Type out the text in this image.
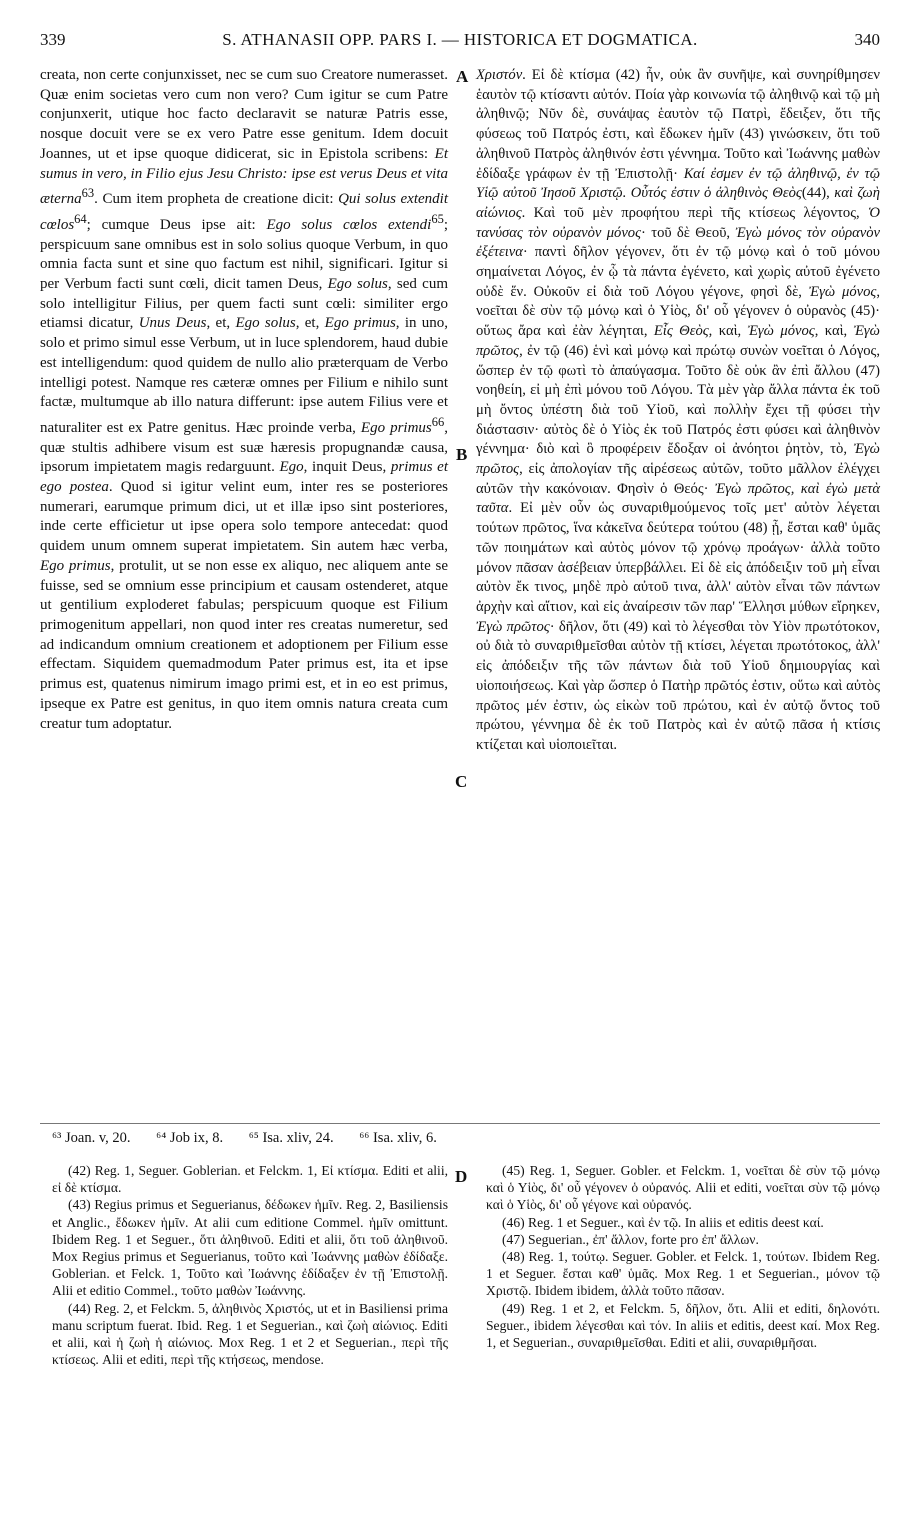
339	S. ATHANASII OPP. PARS I. — HISTORICA ET DOGMATICA.	340
A
B
C
D

creata, non certe conjunxisset, nec se cum suo Creatore numerasset. Quæ enim societas vero cum non vero? Cum igitur se cum Patre conjunxerit, utique hoc facto declaravit se naturæ Patris esse, nosque docuit vere se ex vero Patre esse genitum. Idem docuit Joannes, ut et ipse quoque didicerat, sic in Epistola scribens: Et sumus in vero, in Filio ejus Jesu Christo: ipse est verus Deus et vita æterna$^{63}$. Cum item propheta de creatione dicit: Qui solus extendit cœlos$^{64}$; cumque Deus ipse ait: Ego solus cœlos extendi$^{65}$; perspicuum sane omnibus est in solo solius quoque Verbum, in quo omnia facta sunt et sine quo factum est nihil, significari. Igitur si per Verbum facti sunt cœli, dicit tamen Deus, Ego solus, sed cum solo intelligitur Filius, per quem facti sunt cœli: similiter ergo etiamsi dicatur, Unus Deus, et, Ego solus, et, Ego primus, in uno, solo et primo simul esse Verbum, ut in luce splendorem, haud dubie est intelligendum: quod quidem de nullo alio præterquam de Verbo intelligi potest. Namque res cæteræ omnes per Filium e nihilo sunt factæ, multumque ab illo natura differunt: ipse autem Filius vere et naturaliter est ex Patre genitus. Hæc proinde verba, Ego primus$^{66}$, quæ stultis adhibere visum est suæ hæresis propugnandæ causa, ipsorum impietatem magis redarguunt. Ego, inquit Deus, primus et ego postea. Quod si igitur velint eum, inter res se posteriores numerari, earumque primum dici, ut et illæ ipso sint posteriores, inde certe efficietur ut ipse opera solo tempore antecedat: quod quidem unum omnem superat impietatem. Sin autem hæc verba, Ego primus, protulit, ut se non esse ex aliquo, nec aliquem ante se fuisse, sed se omnium esse principium et causam ostenderet, atque ut gentilium exploderet fabulas; perspicuum quoque est Filium primogenitum appellari, non quod inter res creatas numeretur, sed ad indicandum omnium creationem et adoptionem per Filium esse effectam. Siquidem quemadmodum Pater primus est, ita et ipse primus est, quatenus nimirum imago primi est, et in eo est primus, ipseque ex Patre est genitus, in quo item omnis natura creata cum creatur tum adoptatur.

Χριστόν. Εἰ δὲ κτίσμα (42) ἦν, οὐκ ἂν συνῆψε, καὶ συνηρίθμησεν ἑαυτὸν τῷ κτίσαντι αὐτόν. Ποία γὰρ κοινωνία τῷ ἀληθινῷ καὶ τῷ μὴ ἀληθινῷ; Νῦν δὲ, συνάψας ἑαυτὸν τῷ Πατρὶ, ἔδειξεν, ὅτι τῆς φύσεως τοῦ Πατρός ἐστι, καὶ ἔδωκεν ἡμῖν (43) γινώσκειν, ὅτι τοῦ ἀληθινοῦ Πατρὸς ἀληθινόν ἐστι γέννημα. Τοῦτο καὶ Ἰωάννης μαθὼν ἐδίδαξε γράφων ἐν τῇ Ἐπιστολῇ· Καί ἐσμεν ἐν τῷ ἀληθινῷ, ἐν τῷ Υἱῷ αὐτοῦ Ἰησοῦ Χριστῷ. Οὗτός ἐστιν ὁ ἀληθινὸς Θεὸς(44), καὶ ζωὴ αἰώνιος. Καὶ τοῦ μὲν προφήτου περὶ τῆς κτίσεως λέγοντος, Ὁ τανύσας τὸν οὐρανὸν μόνος· τοῦ δὲ Θεοῦ, Ἐγὼ μόνος τὸν οὐρανὸν ἐξέτεινα· παντὶ δῆλον γέγονεν, ὅτι ἐν τῷ μόνῳ καὶ ὁ τοῦ μόνου σημαίνεται Λόγος, ἐν ᾧ τὰ πάντα ἐγένετο, καὶ χωρὶς αὐτοῦ ἐγένετο οὐδὲ ἕν. Οὐκοῦν εἰ διὰ τοῦ Λόγου γέγονε, φησὶ δὲ, Ἐγὼ μόνος, νοεῖται δὲ σὺν τῷ μόνῳ καὶ ὁ Υἱὸς, δι' οὗ γέγονεν ὁ οὐρανὸς (45)· οὕτως ἄρα καὶ ἐὰν λέγηται, Εἷς Θεὸς, καὶ, Ἐγὼ μόνος, καὶ, Ἐγὼ πρῶτος, ἐν τῷ (46) ἑνὶ καὶ μόνῳ καὶ πρώτῳ συνὼν νοεῖται ὁ Λόγος, ὥσπερ ἐν τῷ φωτὶ τὸ ἀπαύγασμα. Τοῦτο δὲ οὐκ ἂν ἐπὶ ἄλλου (47) νοηθείη, εἰ μὴ ἐπὶ μόνου τοῦ Λόγου. Τὰ μὲν γὰρ ἄλλα πάντα ἐκ τοῦ μὴ ὄντος ὑπέστη διὰ τοῦ Υἱοῦ, καὶ πολλὴν ἔχει τῇ φύσει τὴν διάστασιν· αὐτὸς δὲ ὁ Υἱὸς ἐκ τοῦ Πατρός ἐστι φύσει καὶ ἀληθινὸν γέννημα· διὸ καὶ ὃ προφέρειν ἔδοξαν οἱ ἀνόητοι ῥητὸν, τὸ, Ἐγὼ πρῶτος, εἰς ἀπολογίαν τῆς αἱρέσεως αὐτῶν, τοῦτο μᾶλλον ἐλέγχει αὐτῶν τὴν κακόνοιαν. Φησὶν ὁ Θεός· Ἐγὼ πρῶτος, καὶ ἐγὼ μετὰ ταῦτα. Εἰ μὲν οὖν ὡς συναριθμούμενος τοῖς μετ' αὐτὸν λέγεται τούτων πρῶτος, ἵνα κἀκεῖνα δεύτερα τούτου (48) ᾖ, ἔσται καθ' ὑμᾶς τῶν ποιημάτων καὶ αὐτὸς μόνον τῷ χρόνῳ προάγων· ἀλλὰ τοῦτο μόνον πᾶσαν ἀσέβειαν ὑπερβάλλει. Εἰ δὲ εἰς ἀπόδειξιν τοῦ μὴ εἶναι αὐτὸν ἔκ τινος, μηδὲ πρὸ αὐτοῦ τινα, ἀλλ' αὐτὸν εἶναι τῶν πάντων ἀρχὴν καὶ αἴτιον, καὶ εἰς ἀναίρεσιν τῶν παρ' Ἕλλησι μύθων εἴρηκεν, Ἐγὼ πρῶτος· δῆλον, ὅτι (49) καὶ τὸ λέγεσθαι τὸν Υἱὸν πρωτότοκον, οὐ διὰ τὸ συναριθμεῖσθαι αὐτὸν τῇ κτίσει, λέγεται πρωτότοκος, ἀλλ' εἰς ἀπόδειξιν τῆς τῶν πάντων διὰ τοῦ Υἱοῦ δημιουργίας καὶ υἱοποιήσεως. Καὶ γὰρ ὥσπερ ὁ Πατὴρ πρῶτός ἐστιν, οὕτω καὶ αὐτὸς πρῶτος μέν ἐστιν, ὡς εἰκὼν τοῦ πρώτου, καὶ ἐν αὐτῷ ὄντος τοῦ πρώτου, γέννημα δὲ ἐκ τοῦ Πατρὸς καὶ ἐν αὐτῷ πᾶσα ἡ κτίσις κτίζεται καὶ υἱοποιεῖται.

⁶³ Joan. v, 20. ⁶⁴ Job ix, 8. ⁶⁵ Isa. xliv, 24. ⁶⁶ Isa. xliv, 6.

(42) Reg. 1, Seguer. Goblerian. et Felckm. 1, Εἰ κτίσμα. Editi et alii, εἰ δὲ κτίσμα.

(43) Regius primus et Seguerianus, δέδωκεν ἡμῖν. Reg. 2, Basiliensis et Anglic., ἔδωκεν ἡμῖν. At alii cum editione Commel. ἡμῖν omittunt. Ibidem Reg. 1 et Seguer., ὅτι ἀληθινοῦ. Editi et alii, ὅτι τοῦ ἀληθινοῦ. Mox Regius primus et Seguerianus, τοῦτο καὶ Ἰωάννης μαθὼν ἐδίδαξε. Goblerian. et Felck. 1, Τοῦτο καὶ Ἰωάννης ἐδίδαξεν ἐν τῇ Ἐπιστολῇ. Alii et editio Commel., τοῦτο μαθὼν Ἰωάννης.

(44) Reg. 2, et Felckm. 5, ἀληθινὸς Χριστός, ut et in Basiliensi prima manu scriptum fuerat. Ibid. Reg. 1 et Seguerian., καὶ ζωὴ αἰώνιος. Editi et alii, καὶ ἡ ζωὴ ἡ αἰώνιος. Mox Reg. 1 et 2 et Seguerian., περὶ τῆς κτίσεως. Alii et editi, περὶ τῆς κτήσεως, mendose.

(45) Reg. 1, Seguer. Gobler. et Felckm. 1, νοεῖται δὲ σὺν τῷ μόνῳ καὶ ὁ Υἱὸς, δι' οὗ γέγονεν ὁ οὐρανός. Alii et editi, νοεῖται σὺν τῷ μόνῳ καὶ ὁ Υἱὸς, δι' οὗ γέγονε καὶ οὐρανός.

(46) Reg. 1 et Seguer., καὶ ἐν τῷ. In aliis et editis deest καί.

(47) Seguerian., ἐπ' ἄλλον, forte pro ἐπ' ἄλλων.

(48) Reg. 1, τούτῳ. Seguer. Gobler. et Felck. 1, τούτων. Ibidem Reg. 1 et Seguer. ἔσται καθ' ὑμᾶς. Mox Reg. 1 et Seguerian., μόνον τῷ Χριστῷ. Ibidem ibidem, ἀλλὰ τοῦτο πᾶσαν.

(49) Reg. 1 et 2, et Felckm. 5, δῆλον, ὅτι. Alii et editi, δηλονότι. Seguer., ibidem λέγεσθαι καὶ τόν. In aliis et editis, deest καί. Mox Reg. 1, et Seguerian., συναριθμεῖσθαι. Editi et alii, συναριθμῆσαι.
